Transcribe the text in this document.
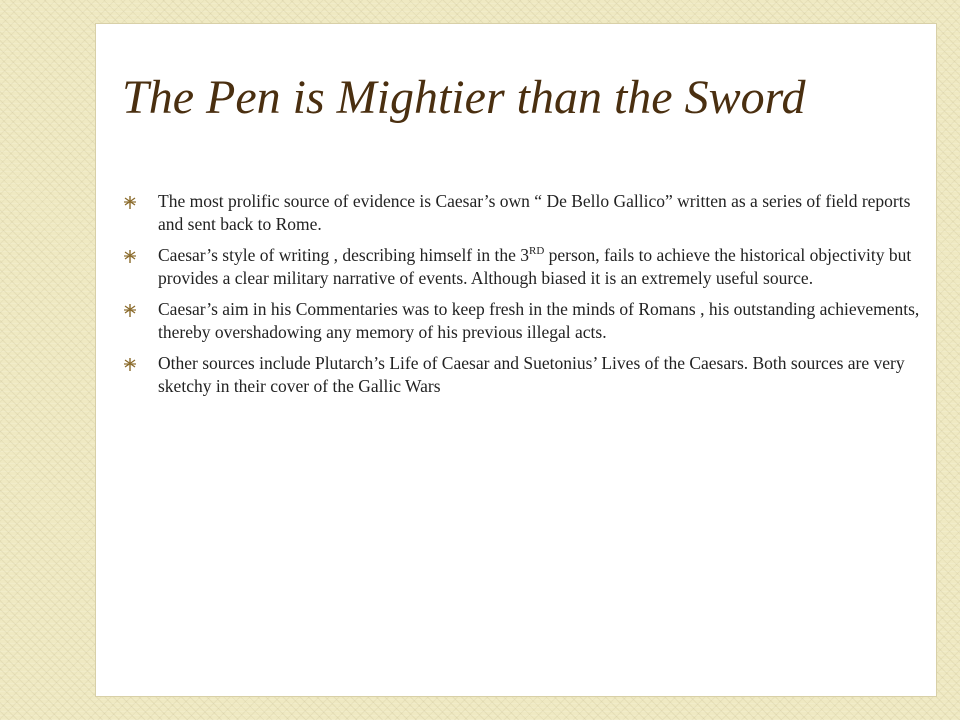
The Pen is Mightier than the Sword
The most prolific source of evidence is Caesar’s own “ De Bello Gallico” written as a series of field reports and sent back to Rome.
Caesar’s style of writing , describing himself in the 3RD person, fails to achieve the historical objectivity but provides a clear military narrative of events. Although biased it is an extremely useful source.
Caesar’s aim in his Commentaries was to keep fresh in the minds of Romans , his outstanding achievements, thereby overshadowing any memory of his previous illegal acts.
Other sources include Plutarch’s Life of Caesar and Suetonius’ Lives of the Caesars. Both sources are very sketchy in their cover of the Gallic Wars
